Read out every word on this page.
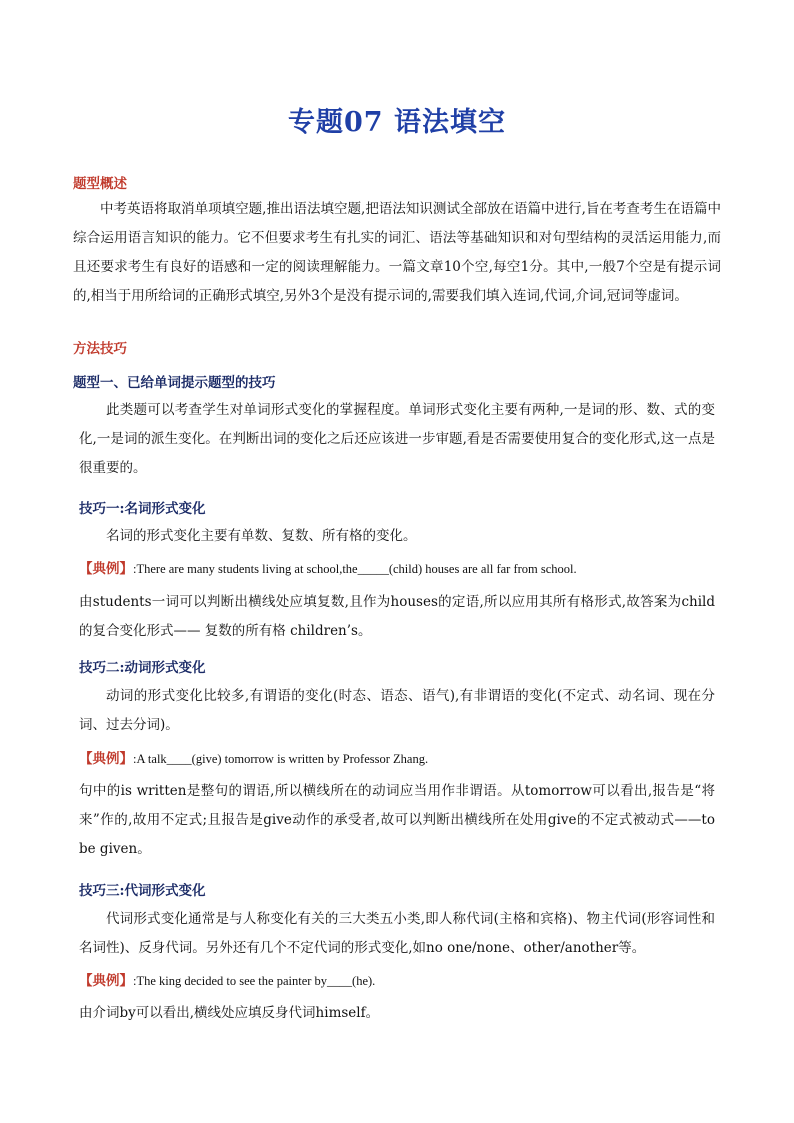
专题07 语法填空
题型概述

中考英语将取消单项填空题,推出语法填空题,把语法知识测试全部放在语篇中进行,旨在考查考生在语篇中综合运用语言知识的能力。它不但要求考生有扎实的词汇、语法等基础知识和对句型结构的灵活运用能力,而且还要求考生有良好的语感和一定的阅读理解能力。一篇文章10个空,每空1分。其中,一般7个空是有提示词的,相当于用所给词的正确形式填空,另外3个是没有提示词的,需要我们填入连词,代词,介词,冠词等虚词。

方法技巧
题型一、已给单词提示题型的技巧

此类题可以考查学生对单词形式变化的掌握程度。单词形式变化主要有两种,一是词的形、数、式的变化,一是词的派生变化。在判断出词的变化之后还应该进一步审题,看是否需要使用复合的变化形式,这一点是很重要的。

技巧一:名词形式变化

名词的形式变化主要有单数、复数、所有格的变化。

【典例】:There are many students living at school,the_____(child) houses are all far from school.

由students一词可以判断出横线处应填复数,且作为houses的定语,所以应用其所有格形式,故答案为child的复合变化形式—— 复数的所有格 children’s。

技巧二:动词形式变化

动词的形式变化比较多,有谓语的变化(时态、语态、语气),有非谓语的变化(不定式、动名词、现在分词、过去分词)。

【典例】:A talk____(give) tomorrow is written by Professor Zhang.

句中的is written是整句的谓语,所以横线所在的动词应当用作非谓语。从tomorrow可以看出,报告是“将来”作的,故用不定式;且报告是give动作的承受者,故可以判断出横线所在处用give的不定式被动式——to be given。

技巧三:代词形式变化

代词形式变化通常是与人称变化有关的三大类五小类,即人称代词(主格和宾格)、物主代词(形容词性和名词性)、反身代词。另外还有几个不定代词的形式变化,如no one/none、other/another等。

【典例】:The king decided to see the painter by____(he).

由介词by可以看出,横线处应填反身代词himself。
